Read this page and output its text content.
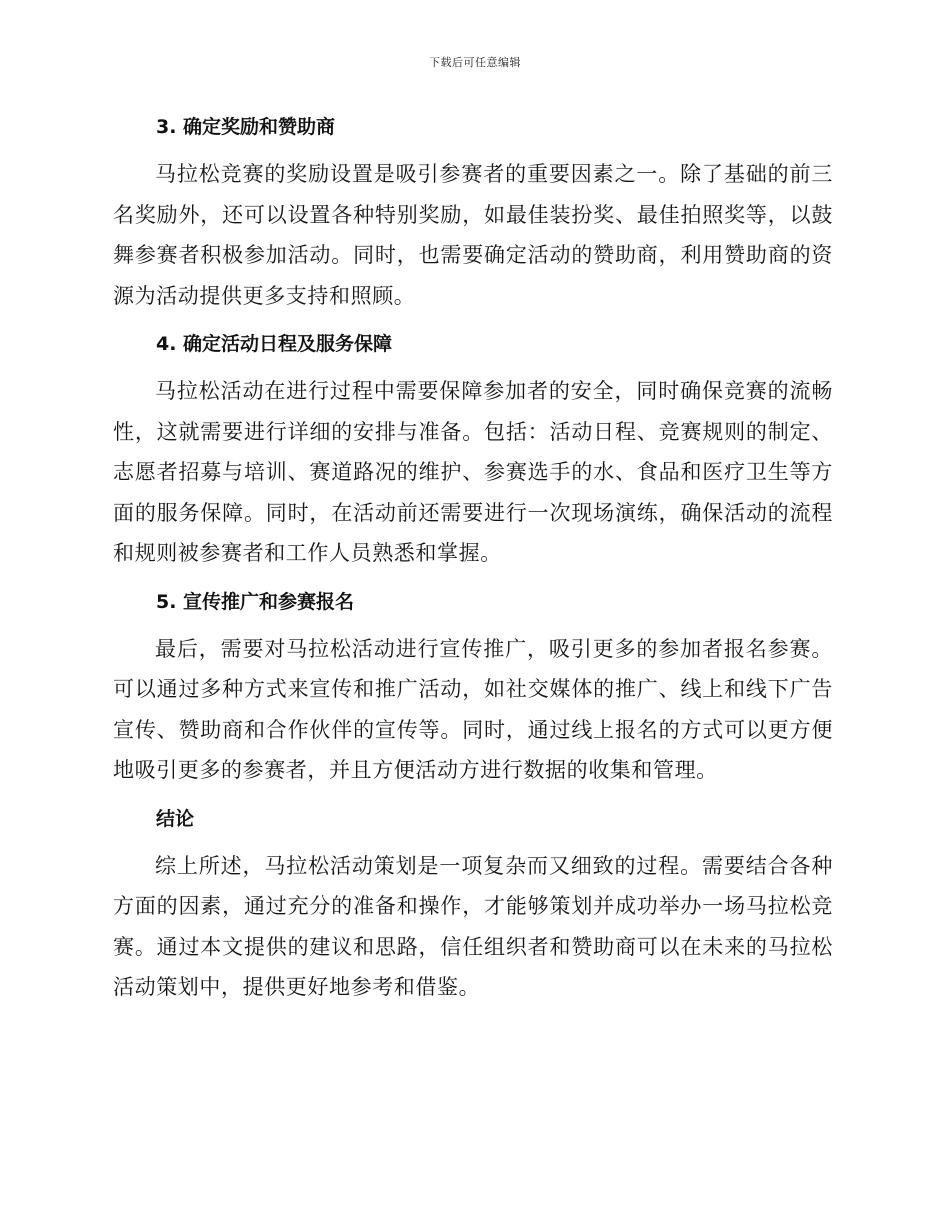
下载后可任意编辑
3. 确定奖励和赞助商

马拉松竞赛的奖励设置是吸引参赛者的重要因素之一。除了基础的前三名奖励外，还可以设置各种特别奖励，如最佳装扮奖、最佳拍照奖等，以鼓舞参赛者积极参加活动。同时，也需要确定活动的赞助商，利用赞助商的资源为活动提供更多支持和照顾。

4. 确定活动日程及服务保障

马拉松活动在进行过程中需要保障参加者的安全，同时确保竞赛的流畅性，这就需要进行详细的安排与准备。包括：活动日程、竞赛规则的制定、志愿者招募与培训、赛道路况的维护、参赛选手的水、食品和医疗卫生等方面的服务保障。同时，在活动前还需要进行一次现场演练，确保活动的流程和规则被参赛者和工作人员熟悉和掌握。

5. 宣传推广和参赛报名

最后，需要对马拉松活动进行宣传推广，吸引更多的参加者报名参赛。可以通过多种方式来宣传和推广活动，如社交媒体的推广、线上和线下广告宣传、赞助商和合作伙伴的宣传等。同时，通过线上报名的方式可以更方便地吸引更多的参赛者，并且方便活动方进行数据的收集和管理。

结论

综上所述，马拉松活动策划是一项复杂而又细致的过程。需要结合各种方面的因素，通过充分的准备和操作，才能够策划并成功举办一场马拉松竞赛。通过本文提供的建议和思路，信任组织者和赞助商可以在未来的马拉松活动策划中，提供更好地参考和借鉴。
